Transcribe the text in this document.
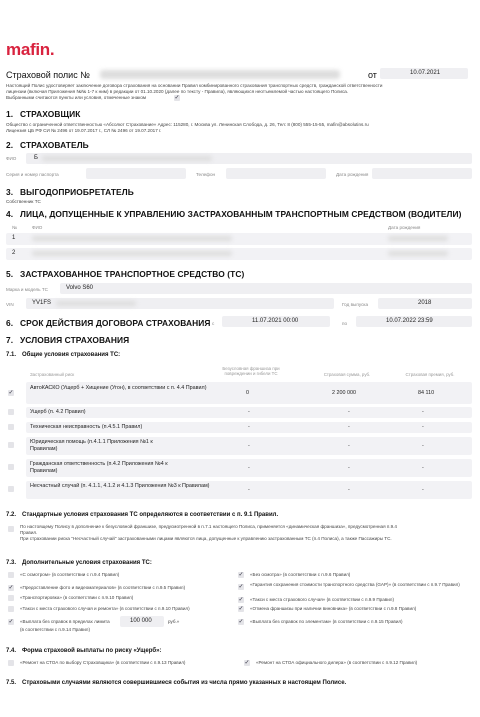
mafin.
Страховой полис №	от	10.07.2021
Настоящий Полис удостоверяет заключение договора страхования на основании Правил комбинированного страхования транспортных средств, гражданской ответственности
лицензии (включая Приложения №№ 1-7 к ним) в редакции от 01.10.2020 (далее по тексту - Правила), являющихся неотъемлемой частью настоящего Полиса.
Выбранными считаются пункты или условия, отмеченные знаком	✓
1. СТРАХОВЩИК
Общество с ограниченной ответственностью «Абсолют Страхование» Адрес: 115280, г. Москва ул. Ленинская Слобода, д. 26, Тел: 8 (800) 555-15-55, mafin@absolutins.ru
Лицензия ЦБ РФ СИ № 2496 от 19.07.2017 г., СЛ № 2496 от 19.07.2017 г.
2. СТРАХОВАТЕЛЬ
ФИО	Б
Серия и номер паспорта	Телефон	Дата рождения
3. ВЫГОДОПРИОБРЕТАТЕЛЬ
Собственник ТС
4. ЛИЦА, ДОПУЩЕННЫЕ К УПРАВЛЕНИЮ ЗАСТРАХОВАННЫМ ТРАНСПОРТНЫМ СРЕДСТВОМ (ВОДИТЕЛИ)
№	ФИО	Дата рождения
1
2
5. ЗАСТРАХОВАННОЕ ТРАНСПОРТНОЕ СРЕДСТВО (ТС)
Марка и модель ТС	Volvo S60
VIN	YV1FS	Год выпуска	2018
6. СРОК ДЕЙСТВИЯ ДОГОВОРА СТРАХОВАНИЯ с	11.07.2021 00:00	по	10.07.2022 23:59
7. УСЛОВИЯ СТРАХОВАНИЯ
7.1. Общие условия страхования ТС:
Застрахованный риск
Безусловная франшиза при повреждении и гибели ТС	Страховая сумма, руб.	Страховая премия, руб.
✓
АвтоКАСКО (Ущерб + Хищение (Угон), в соответствии с п. 4.4 Правил)
0	2 200 000	84 110
Ущерб (п. 4.2 Правил)	-	-	-
Техническая неисправность (п.4.5.1 Правил)	-	-	-
Юридическая помощь (п.4.1.1 Приложения №1 к Правилам)	-	-	-
Гражданская ответственность (п.4.2 Приложения №4 к Правилам)	-	-	-
Несчастный случай (п. 4.1.1, 4.1.2 и 4.1.3 Приложения №3 к Правилам)
-	-	-
7.2. Стандартные условия страхования ТС определяются в соответствии с п. 9.1 Правил.
По настоящему Полису в дополнение к безусловной франшизе, предусмотренной в п.7.1 настоящего Полиса, применяется «динамическая франшиза», предусмотренная п.9.4 Правил.
При страховании риска "Несчастный случай" застрахованными лицами являются лица, допущенные к управлению застрахованным ТС (п.4 Полиса), а также Пассажиры ТС.
7.3. Дополнительные условия страхования ТС:
«С осмотром» (в соответствии с п.9.4 Правил)
✓ «Предоставление фото и видеоматериалов» (в соответствии с п.9.5 Правил)
«Транспортировка» (в соответствии с п.9.10 Правил)
«Такси с места страхового случая и ремонта» (в соответствии с п.9.10 Правил)
✓ «Выплата без справок в пределах лимита	100 000	руб.»
(в соответствии с п.9.14 Правил)
✓ «Без осмотра» (в соответствии с п.9.6 Правил)
✓ «Гарантия сохранения стоимости транспортного средства (GAP)» (в соответствии с п.9.7 Правил)
✓ «Такси с места страхового случая» (в соответствии с п.9.9 Правил)
✓ «Отмена франшизы при наличии виновника» (в соответствии с п.9.8 Правил)
✓ «Выплата без справок по элементам» (в соответствии с п.9.15 Правил)
7.4. Форма страховой выплаты по риску «Ущерб»:
«Ремонт на СТОА по выбору Страховщика» (в соответствии с п.9.13 Правил)	✓ «Ремонт на СТОА официального дилера» (в соответствии с п.9.12 Правил)
7.5. Страховыми случаями являются совершившиеся события из числа прямо указанных в настоящем Полисе.
